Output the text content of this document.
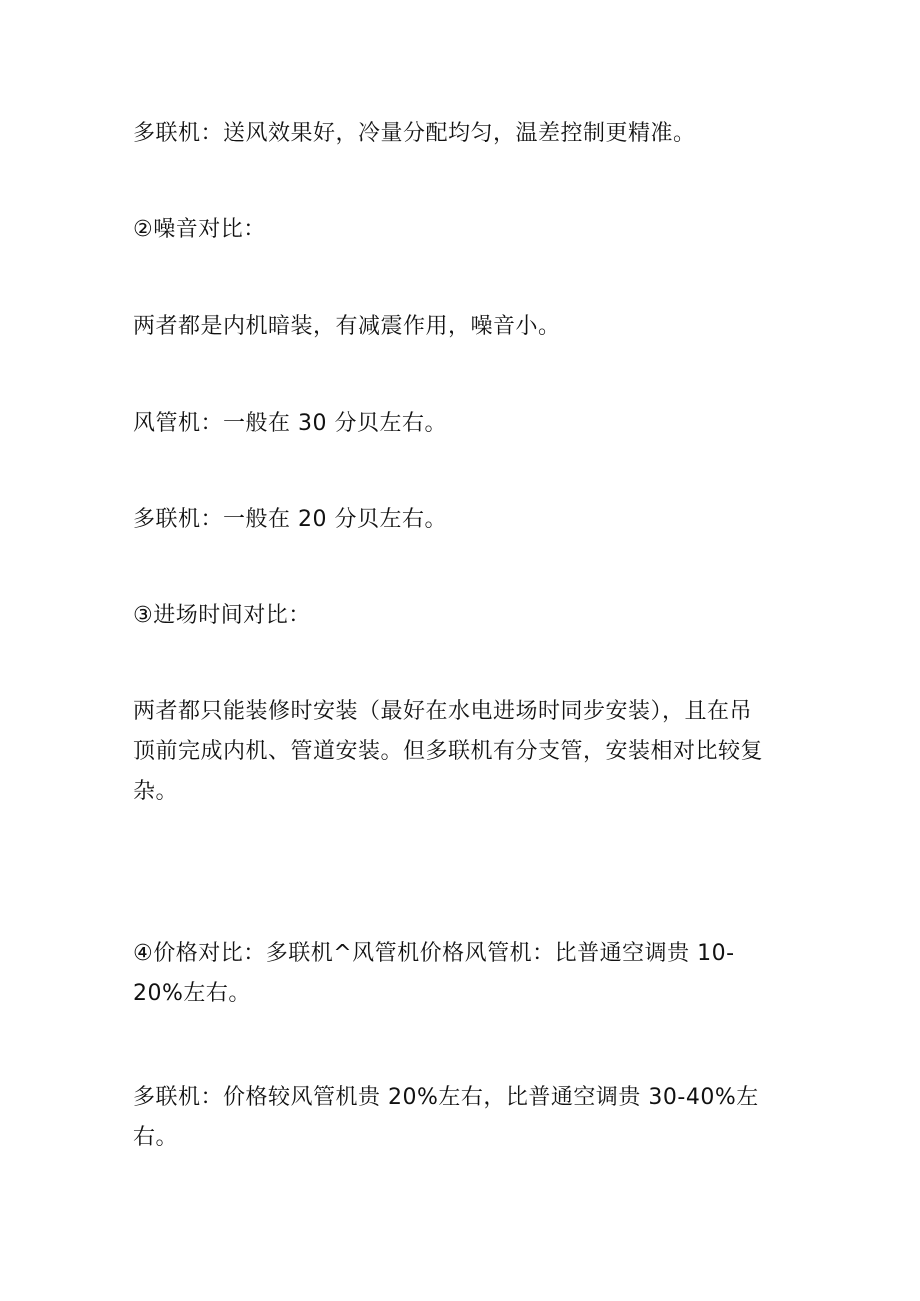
多联机：送风效果好，冷量分配均匀，温差控制更精准。

②噪音对比：

两者都是内机暗装，有减震作用，噪音小。

风管机：一般在 30 分贝左右。

多联机：一般在 20 分贝左右。

③进场时间对比：

两者都只能装修时安装（最好在水电进场时同步安装），且在吊
顶前完成内机、管道安装。但多联机有分支管，安装相对比较复
杂。

④价格对比：多联机^风管机价格风管机：比普通空调贵 10-
20%左右。

多联机：价格较风管机贵 20%左右，比普通空调贵 30-40%左
右。
